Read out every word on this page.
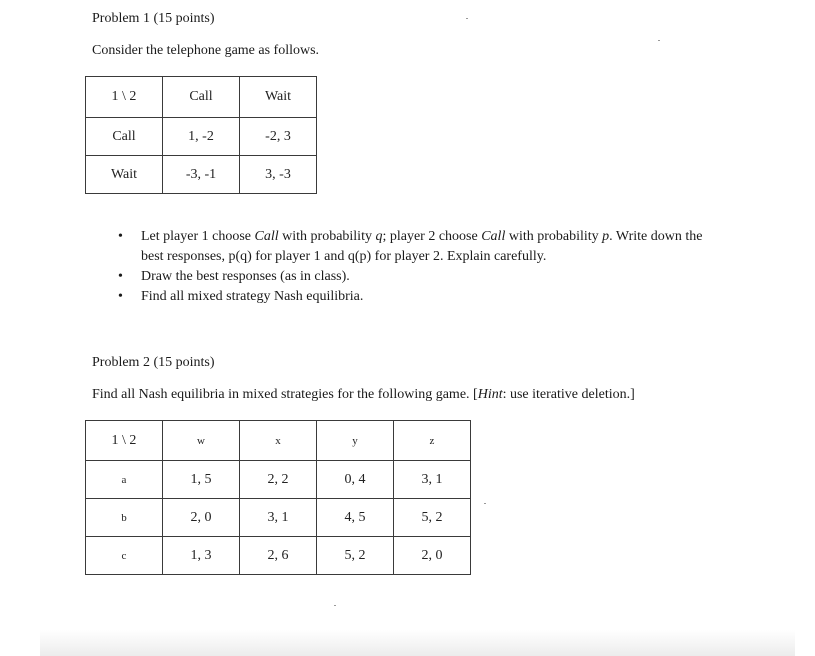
Problem 1 (15 points)
Consider the telephone game as follows.
1 \ 2	Call	Wait
Call	1, -2	-2, 3
Wait	-3, -1	3, -3
• Let player 1 choose Call with probability q; player 2 choose Call with probability p. Write down the best responses, p(q) for player 1 and q(p) for player 2. Explain carefully.
• Draw the best responses (as in class).
• Find all mixed strategy Nash equilibria.
Problem 2 (15 points)
Find all Nash equilibria in mixed strategies for the following game. [Hint: use iterative deletion.]
1 \ 2	w	x	y	z
a	1, 5	2, 2	0, 4	3, 1
b	2, 0	3, 1	4, 5	5, 2
c	1, 3	2, 6	5, 2	2, 0
